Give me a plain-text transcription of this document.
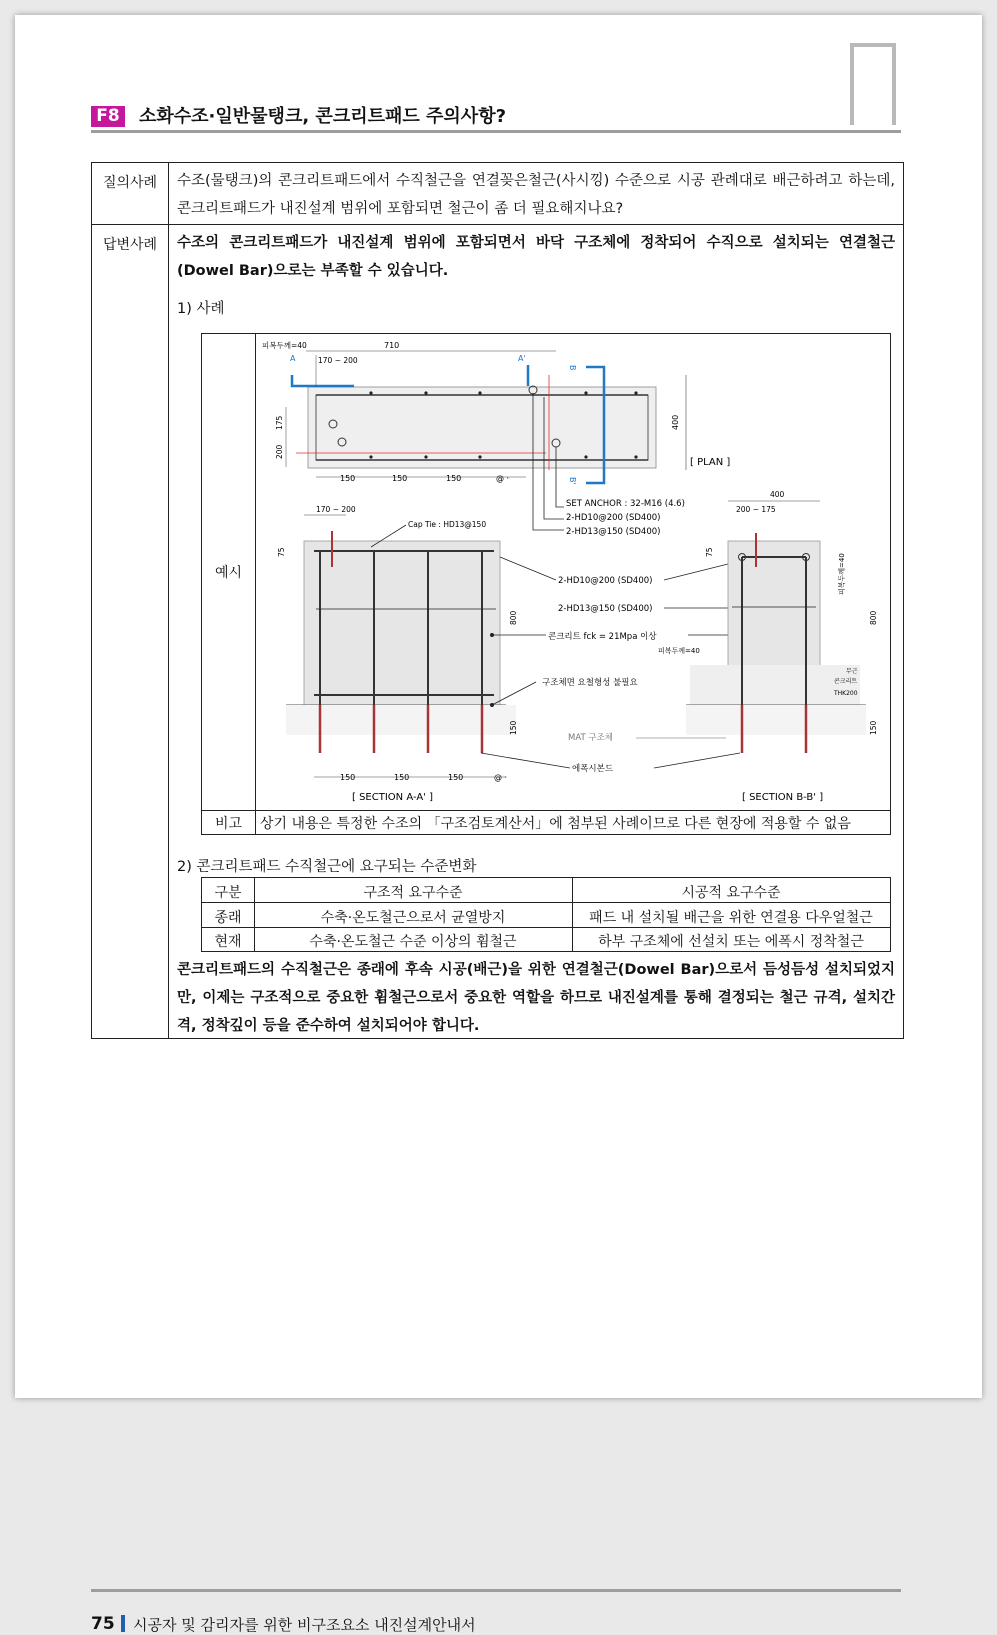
F8 소화수조·일반물탱크, 콘크리트패드 주의사항?
질의사례	수조(물탱크)의 콘크리트패드에서 수직철근을 연결꽂은철근(사시낑) 수준으로 시공 관례대로 배근하려고 하는데, 콘크리트패드가 내진설계 범위에 포함되면 철근이 좀 더 필요해지나요?
답변사례	수조의 콘크리트패드가 내진설계 범위에 포함되면서 바닥 구조체에 정착되어 수직으로 설치되는 연결철근(Dowel Bar)으로는 부족할 수 있습니다.
1) 사례
예시
비고	상기 내용은 특정한 수조의 「구조검토계산서」에 첨부된 사례이므로 다른 현장에 적용할 수 없음
A	A'
B
B'
피복두께=40	710
170 ~ 200
175
200
150	150	150	@ ·
400
[ PLAN ]
SET ANCHOR : 32-M16 (4.6)
2-HD10@200 (SD400)
2-HD13@150 (SD400)
170 ~ 200
Cap Tie : HD13@150
75
800
150
150	150	150	@ ·
[ SECTION A-A' ]
2-HD10@200 (SD400)
2-HD13@150 (SD400)
콘크리트 fck = 21Mpa 이상
피복두께=40
구조체면 요철형성 불필요
MAT 구조체
에폭시본드
400
200 ~ 175
75
피복두께=40
800
150
무근
콘크리트
THK200
[ SECTION B-B' ]
2) 콘크리트패드 수직철근에 요구되는 수준변화
구분	구조적 요구수준	시공적 요구수준
종래	수축·온도철근으로서 균열방지	패드 내 설치될 배근을 위한 연결용 다우얼철근
현재	수축·온도철근 수준 이상의 휨철근	하부 구조체에 선설치 또는 에폭시 정착철근
콘크리트패드의 수직철근은 종래에 후속 시공(배근)을 위한 연결철근(Dowel Bar)으로서 듬성듬성 설치되었지만, 이제는 구조적으로 중요한 휨철근으로서 중요한 역할을 하므로 내진설계를 통해 결정되는 철근 규격, 설치간격, 정착깊이 등을 준수하여 설치되어야 합니다.
75 시공자 및 감리자를 위한 비구조요소 내진설계안내서
